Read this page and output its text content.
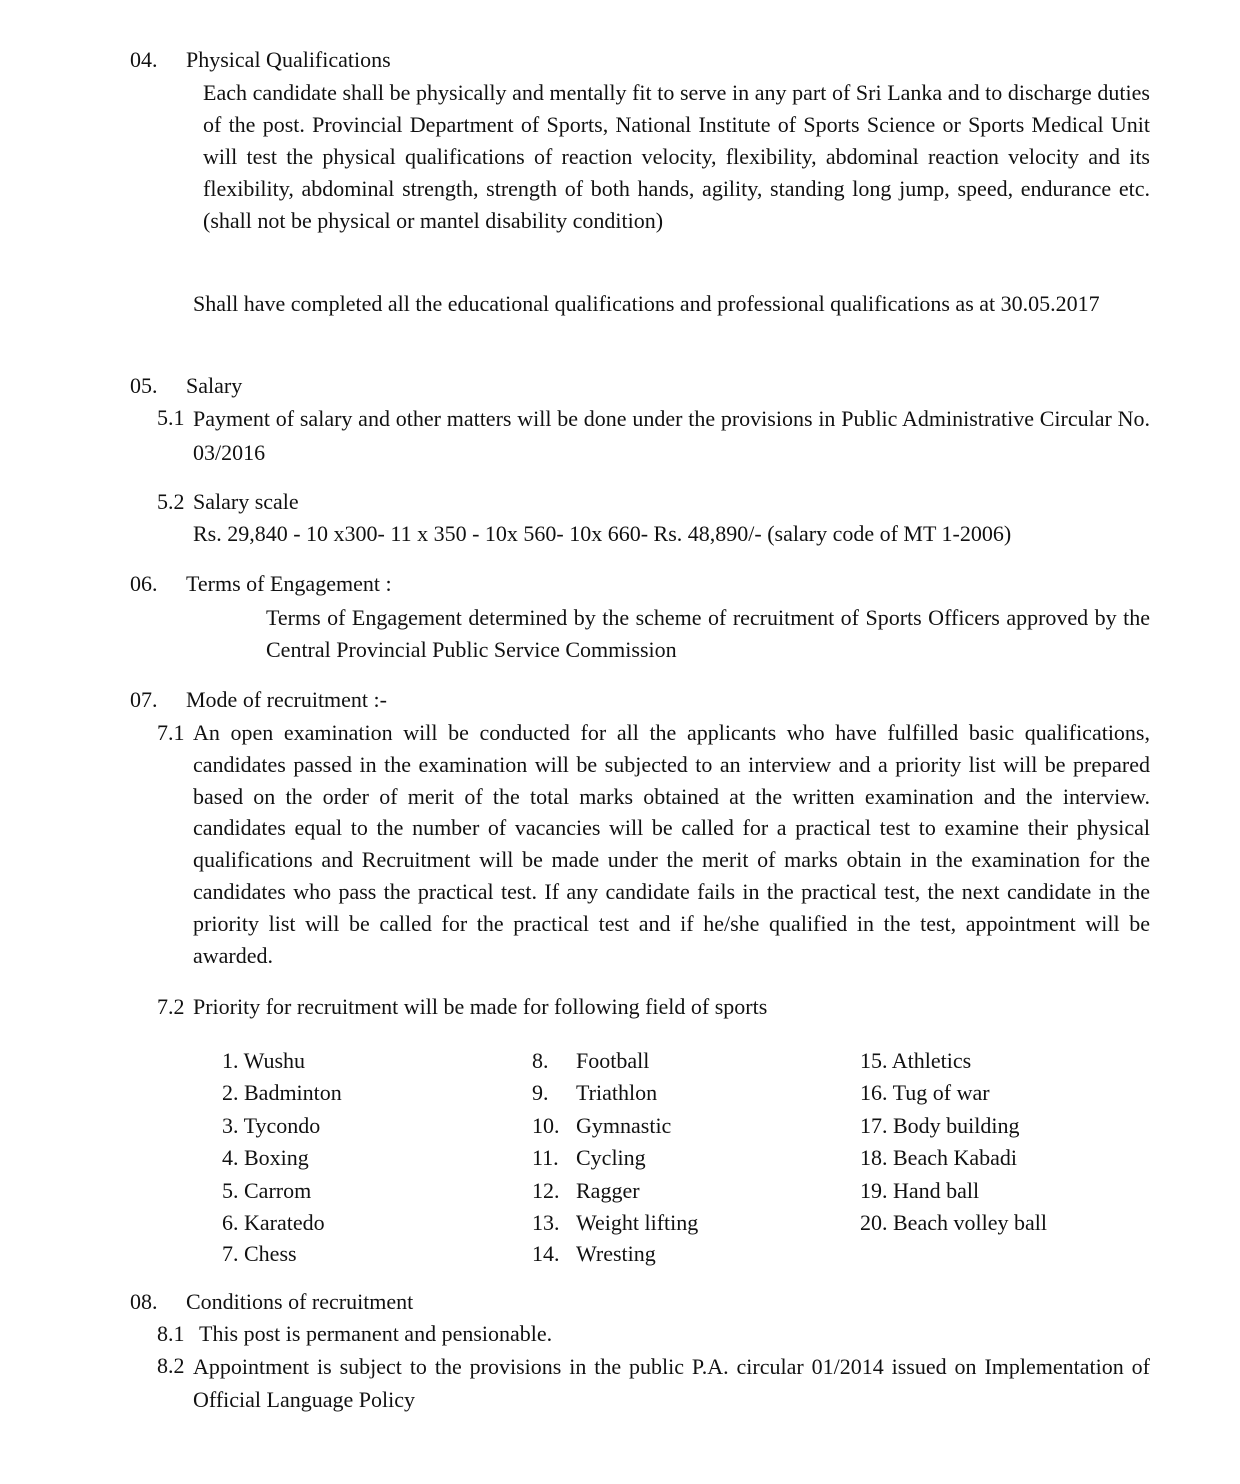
04. Physical Qualifications
Each candidate shall be physically and mentally fit to serve in any part of Sri Lanka and to discharge duties of the post. Provincial Department of Sports, National Institute of Sports Science or Sports Medical Unit will test the physical qualifications of reaction velocity, flexibility, abdominal reaction velocity and its flexibility, abdominal strength, strength of both hands, agility, standing long jump, speed, endurance etc. (shall not be physical or mantel disability condition)
Shall have completed all the educational qualifications and professional qualifications as at 30.05.2017
05. Salary
5.1 Payment of salary and other matters will be done under the provisions in Public Administrative Circular No. 03/2016
5.2 Salary scale
Rs. 29,840 - 10 x300- 11 x 350 - 10x 560- 10x 660- Rs. 48,890/- (salary code of MT 1-2006)
06. Terms of Engagement :
Terms of Engagement determined by the scheme of recruitment of Sports Officers approved by the Central Provincial Public Service Commission
07. Mode of recruitment :-
7.1 An open examination will be conducted for all the applicants who have fulfilled basic qualifications, candidates passed in the examination will be subjected to an interview and a priority list will be prepared based on the order of merit of the total marks obtained at the written examination and the interview. candidates equal to the number of vacancies will be called for a practical test to examine their physical qualifications and Recruitment will be made under the merit of marks obtain in the examination for the candidates who pass the practical test. If any candidate fails in the practical test, the next candidate in the priority list will be called for the practical test and if he/she qualified in the test, appointment will be awarded.
7.2 Priority for recruitment will be made for following field of sports
1. Wushu
2. Badminton
3. Tycondo
4. Boxing
5. Carrom
6. Karatedo
7. Chess
8. Football
9. Triathlon
10. Gymnastic
11. Cycling
12. Ragger
13. Weight lifting
14. Wresting
15. Athletics
16. Tug of war
17. Body building
18. Beach Kabadi
19. Hand ball
20. Beach volley ball
08. Conditions of recruitment
8.1 This post is permanent and pensionable.
8.2 Appointment is subject to the provisions in the public P.A. circular 01/2014 issued on Implementation of Official Language Policy
